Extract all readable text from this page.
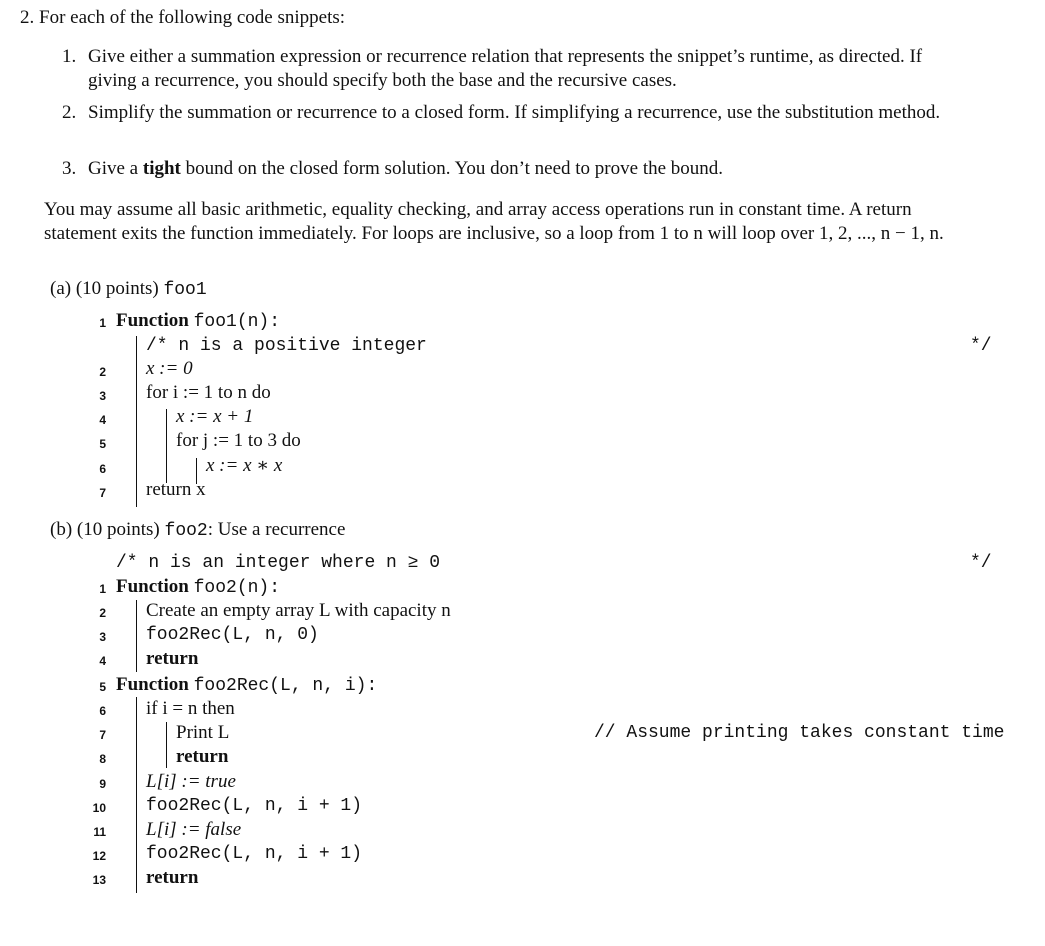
2. For each of the following code snippets:
1. Give either a summation expression or recurrence relation that represents the snippet’s runtime, as directed. If giving a recurrence, you should specify both the base and the recursive cases.
2. Simplify the summation or recurrence to a closed form. If simplifying a recurrence, use the substitution method.
3. Give a tight bound on the closed form solution. You don’t need to prove the bound.
You may assume all basic arithmetic, equality checking, and array access operations run in constant time. A return statement exits the function immediately. For loops are inclusive, so a loop from 1 to n will loop over 1, 2, ..., n − 1, n.
(a) (10 points) foo1
1 Function foo1(n):
/* n is a positive integer	*/
2 x := 0
3 for i := 1 to n do
4	x := x + 1
5	for j := 1 to 3 do
6	x := x ∗ x
7 return x
(b) (10 points) foo2: Use a recurrence
/* n is an integer where n ≥ 0	*/
1 Function foo2(n):
2 Create an empty array L with capacity n
3 foo2Rec(L, n, 0)
4 return
5 Function foo2Rec(L, n, i):
6 if i = n then
7	Print L	// Assume printing takes constant time
8	return
9 L[i] := true
10 foo2Rec(L, n, i + 1)
11 L[i] := false
12 foo2Rec(L, n, i + 1)
13 return
